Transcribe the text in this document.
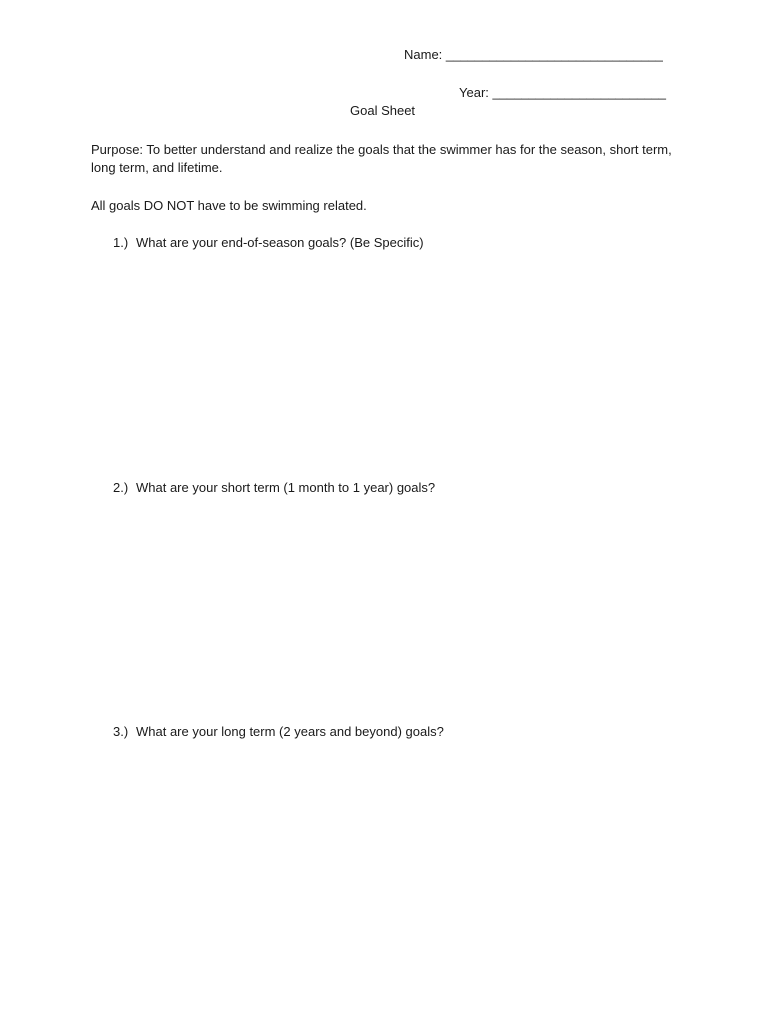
Name: ______________________________
Year: ________________________
Goal Sheet
Purpose: To better understand and realize the goals that the swimmer has for the season, short term, long term, and lifetime.
All goals DO NOT have to be swimming related.
1.) What are your end-of-season goals? (Be Specific)
2.) What are your short term (1 month to 1 year) goals?
3.) What are your long term (2 years and beyond) goals?
